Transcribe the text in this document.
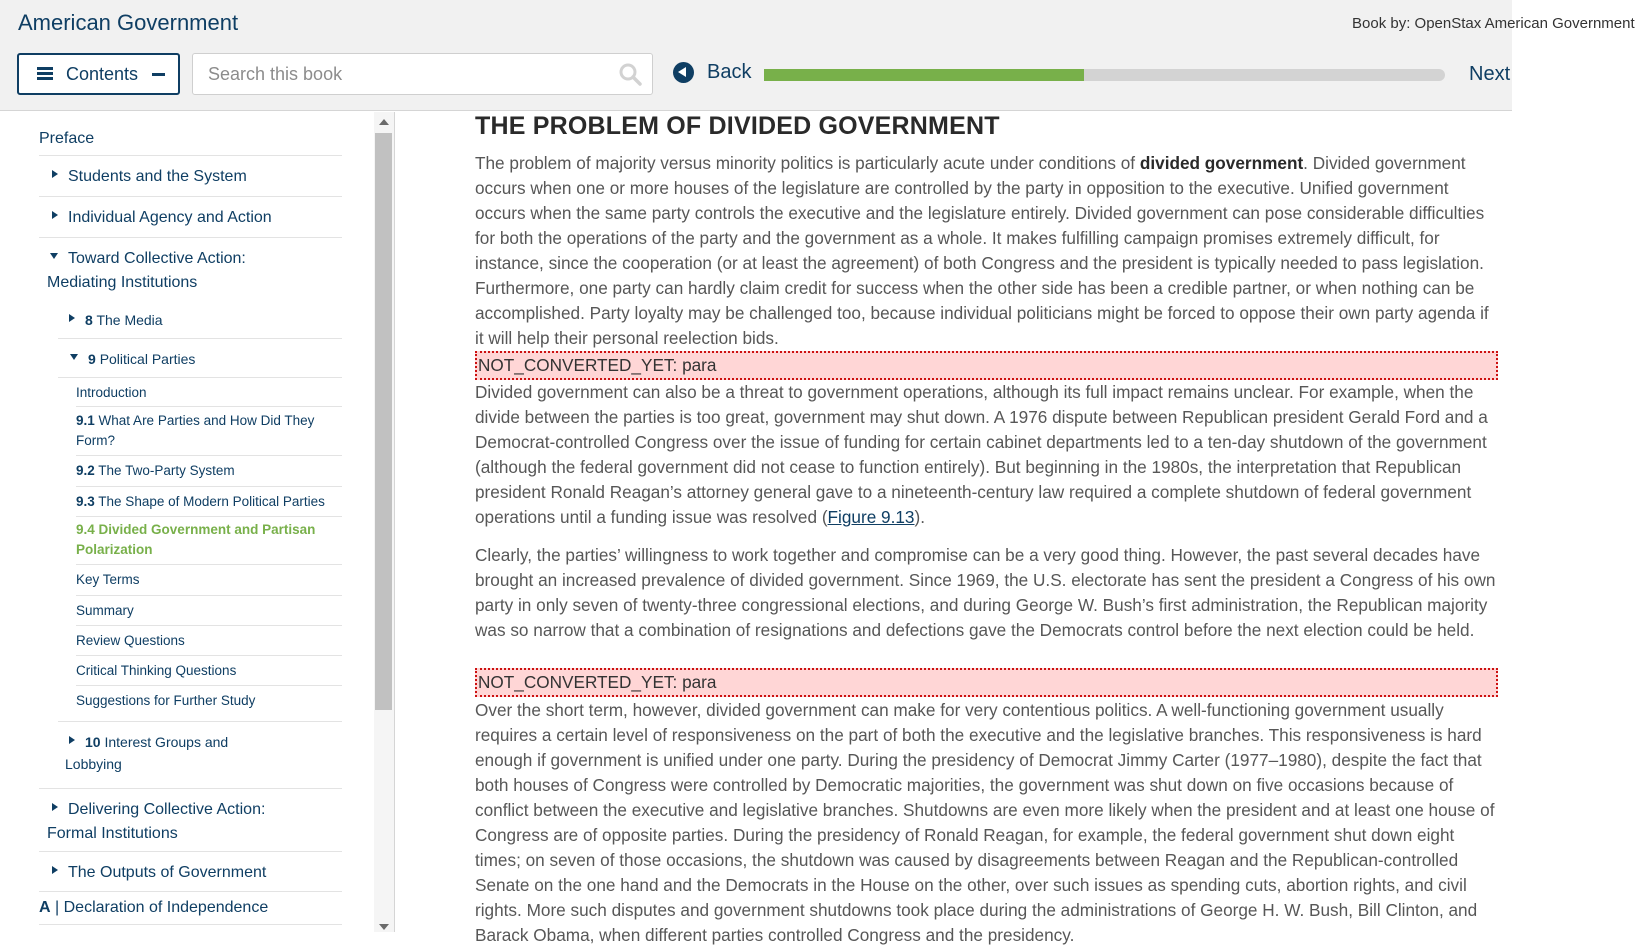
American Government	Book by: OpenStax American Government
Contents
Search this book	Back	Next
Preface
Students and the System
Individual Agency and Action
Toward Collective Action:
Mediating Institutions
8 The Media
9 Political Parties
Introduction
9.1 What Are Parties and How Did They
Form?
9.2 The Two-Party System
9.3 The Shape of Modern Political Parties
9.4 Divided Government and Partisan
Polarization
Key Terms
Summary
Review Questions
Critical Thinking Questions
Suggestions for Further Study
10 Interest Groups and
Lobbying
Delivering Collective Action:
Formal Institutions
The Outputs of Government
A | Declaration of Independence
THE PROBLEM OF DIVIDED GOVERNMENT

The problem of majority versus minority politics is particularly acute under conditions of divided government. Divided government occurs when one or more houses of the legislature are controlled by the party in opposition to the executive. Unified government occurs when the same party controls the executive and the legislature entirely. Divided government can pose considerable difficulties for both the operations of the party and the government as a whole. It makes fulfilling campaign promises extremely difficult, for instance, since the cooperation (or at least the agreement) of both Congress and the president is typically needed to pass legislation. Furthermore, one party can hardly claim credit for success when the other side has been a credible partner, or when nothing can be accomplished. Party loyalty may be challenged too, because individual politicians might be forced to oppose their own party agenda if it will help their personal reelection bids.

NOT_CONVERTED_YET: para

Divided government can also be a threat to government operations, although its full impact remains unclear. For example, when the divide between the parties is too great, government may shut down. A 1976 dispute between Republican president Gerald Ford and a Democrat-controlled Congress over the issue of funding for certain cabinet departments led to a ten-day shutdown of the government (although the federal government did not cease to function entirely). But beginning in the 1980s, the interpretation that Republican president Ronald Reagan’s attorney general gave to a nineteenth-century law required a complete shutdown of federal government operations until a funding issue was resolved (Figure 9.13).

Clearly, the parties’ willingness to work together and compromise can be a very good thing. However, the past several decades have brought an increased prevalence of divided government. Since 1969, the U.S. electorate has sent the president a Congress of his own party in only seven of twenty-three congressional elections, and during George W. Bush’s first administration, the Republican majority was so narrow that a combination of resignations and defections gave the Democrats control before the next election could be held.

NOT_CONVERTED_YET: para

Over the short term, however, divided government can make for very contentious politics. A well-functioning government usually requires a certain level of responsiveness on the part of both the executive and the legislative branches. This responsiveness is hard enough if government is unified under one party. During the presidency of Democrat Jimmy Carter (1977–1980), despite the fact that both houses of Congress were controlled by Democratic majorities, the government was shut down on five occasions because of conflict between the executive and legislative branches. Shutdowns are even more likely when the president and at least one house of Congress are of opposite parties. During the presidency of Ronald Reagan, for example, the federal government shut down eight times; on seven of those occasions, the shutdown was caused by disagreements between Reagan and the Republican-controlled Senate on the one hand and the Democrats in the House on the other, over such issues as spending cuts, abortion rights, and civil rights. More such disputes and government shutdowns took place during the administrations of George H. W. Bush, Bill Clinton, and Barack Obama, when different parties controlled Congress and the presidency.
